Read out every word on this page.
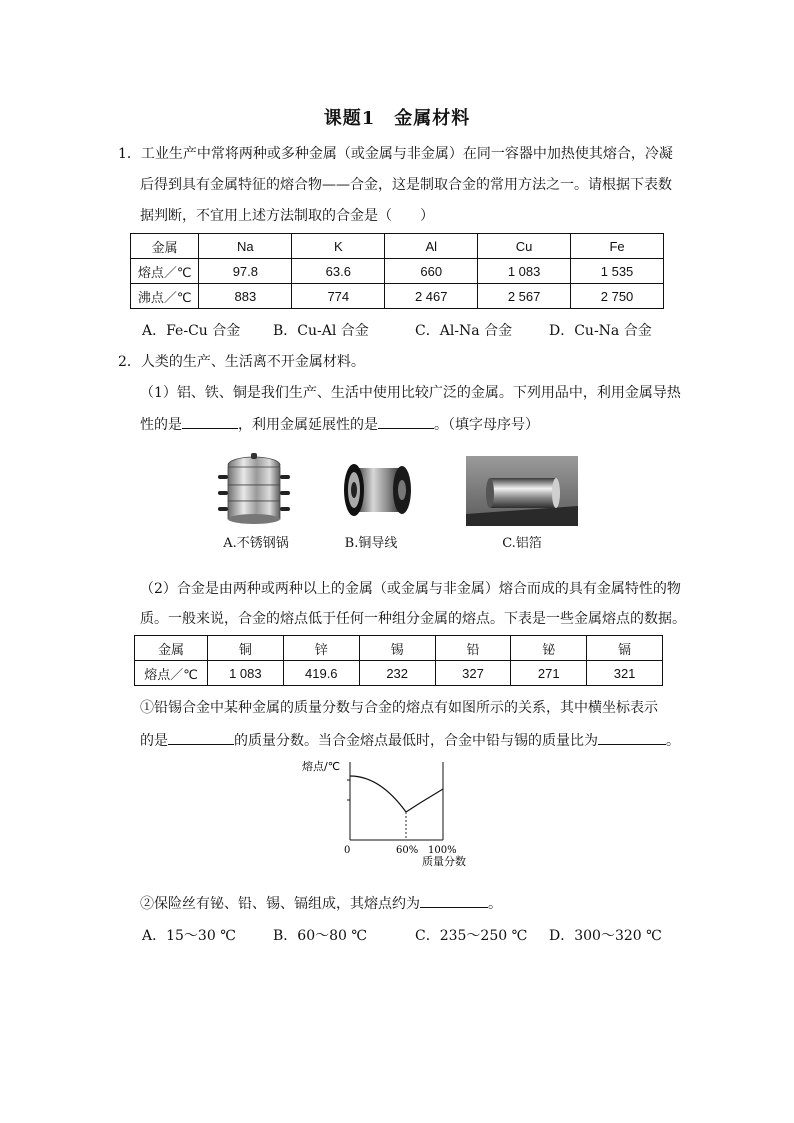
课题1　金属材料
1．工业生产中常将两种或多种金属（或金属与非金属）在同一容器中加热使其熔合，冷凝
后得到具有金属特征的熔合物——合金，这是制取合金的常用方法之一。请根据下表数
据判断，不宜用上述方法制取的合金是（　　）
金属	Na	K	Al	Cu	Fe
熔点／℃	97.8	63.6	660	1 083	1 535
沸点／℃	883	774	2 467	2 567	2 750
A．Fe-Cu 合金 B．Cu-Al 合金	C．Al-Na 合金	D．Cu-Na 合金
2．人类的生产、生活离不开金属材料。
（1）铝、铁、铜是我们生产、生活中使用比较广泛的金属。下列用品中，利用金属导热
性的是	，利用金属延展性的是	。（填字母序号）
A.不锈钢锅	B.铜导线	C.铝箔
（2）合金是由两种或两种以上的金属（或金属与非金属）熔合而成的具有金属特性的物
质。一般来说，合金的熔点低于任何一种组分金属的熔点。下表是一些金属熔点的数据。
金属	铜	锌	锡	铅	铋	镉
熔点／℃	1 083	419.6	232	327	271	321
①铅锡合金中某种金属的质量分数与合金的熔点有如图所示的关系，其中横坐标表示
的是	的质量分数。当合金熔点最低时，合金中铅与锡的质量比为	。
熔点/℃
0	60% 100%
质量分数
②保险丝有铋、铅、锡、镉组成，其熔点约为	。
A．15～30 ℃	B．60～80 ℃	C．235～250 ℃ D．300～320 ℃
